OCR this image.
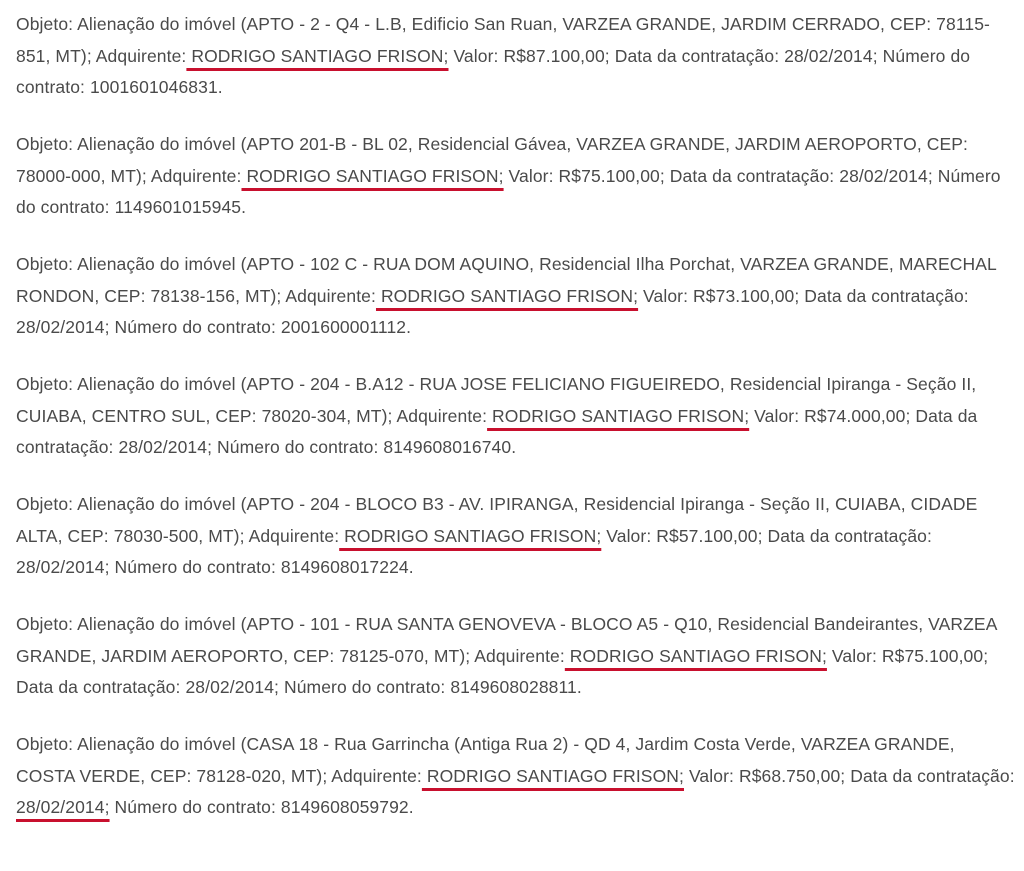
Objeto: Alienação do imóvel (APTO - 2 - Q4 - L.B, Edificio San Ruan, VARZEA GRANDE, JARDIM CERRADO, CEP: 78115-851, MT); Adquirente: RODRIGO SANTIAGO FRISON; Valor: R$87.100,00; Data da contratação: 28/02/2014; Número do contrato: 1001601046831.

Objeto: Alienação do imóvel (APTO 201-B - BL 02, Residencial Gávea, VARZEA GRANDE, JARDIM AEROPORTO, CEP: 78000-000, MT); Adquirente: RODRIGO SANTIAGO FRISON; Valor: R$75.100,00; Data da contratação: 28/02/2014; Número do contrato: 1149601015945.

Objeto: Alienação do imóvel (APTO - 102 C - RUA DOM AQUINO, Residencial Ilha Porchat, VARZEA GRANDE, MARECHAL RONDON, CEP: 78138-156, MT); Adquirente: RODRIGO SANTIAGO FRISON; Valor: R$73.100,00; Data da contratação: 28/02/2014; Número do contrato: 2001600001112.

Objeto: Alienação do imóvel (APTO - 204 - B.A12 - RUA JOSE FELICIANO FIGUEIREDO, Residencial Ipiranga - Seção II, CUIABA, CENTRO SUL, CEP: 78020-304, MT); Adquirente: RODRIGO SANTIAGO FRISON; Valor: R$74.000,00; Data da contratação: 28/02/2014; Número do contrato: 8149608016740.

Objeto: Alienação do imóvel (APTO - 204 - BLOCO B3 - AV. IPIRANGA, Residencial Ipiranga - Seção II, CUIABA, CIDADE ALTA, CEP: 78030-500, MT); Adquirente: RODRIGO SANTIAGO FRISON; Valor: R$57.100,00; Data da contratação: 28/02/2014; Número do contrato: 8149608017224.

Objeto: Alienação do imóvel (APTO - 101 - RUA SANTA GENOVEVA - BLOCO A5 - Q10, Residencial Bandeirantes, VARZEA GRANDE, JARDIM AEROPORTO, CEP: 78125-070, MT); Adquirente: RODRIGO SANTIAGO FRISON; Valor: R$75.100,00; Data da contratação: 28/02/2014; Número do contrato: 8149608028811.

Objeto: Alienação do imóvel (CASA 18 - Rua Garrincha (Antiga Rua 2) - QD 4, Jardim Costa Verde, VARZEA GRANDE, COSTA VERDE, CEP: 78128-020, MT); Adquirente: RODRIGO SANTIAGO FRISON; Valor: R$68.750,00; Data da contratação: 28/02/2014; Número do contrato: 8149608059792.
